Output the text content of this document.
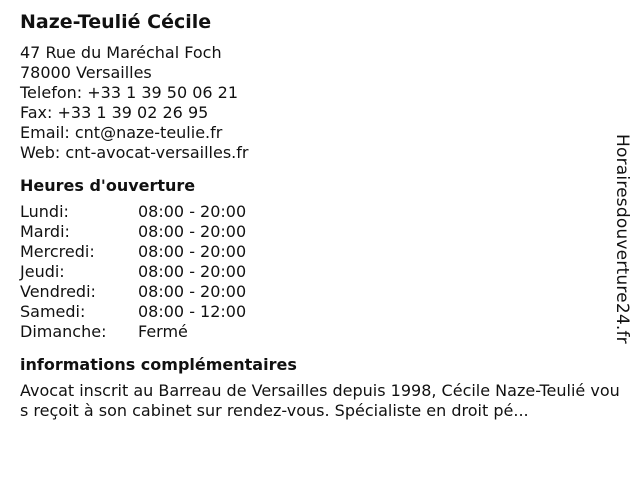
Naze-Teulié Cécile
47 Rue du Maréchal Foch
78000 Versailles
Telefon: +33 1 39 50 06 21
Fax: +33 1 39 02 26 95
Email: cnt@naze-teulie.fr
Web: cnt-avocat-versailles.fr
Heures d'ouverture
Lundi:	08:00 - 20:00
Mardi:	08:00 - 20:00
Mercredi:	08:00 - 20:00
Jeudi:	08:00 - 20:00
Vendredi:	08:00 - 20:00
Samedi:	08:00 - 12:00
Dimanche:	Fermé
informations complémentaires
Avocat inscrit au Barreau de Versailles depuis 1998, Cécile Naze-Teulié vous reçoit à son cabinet sur rendez-vous. Spécialiste en droit pé...
Horairesdouverture24.fr
